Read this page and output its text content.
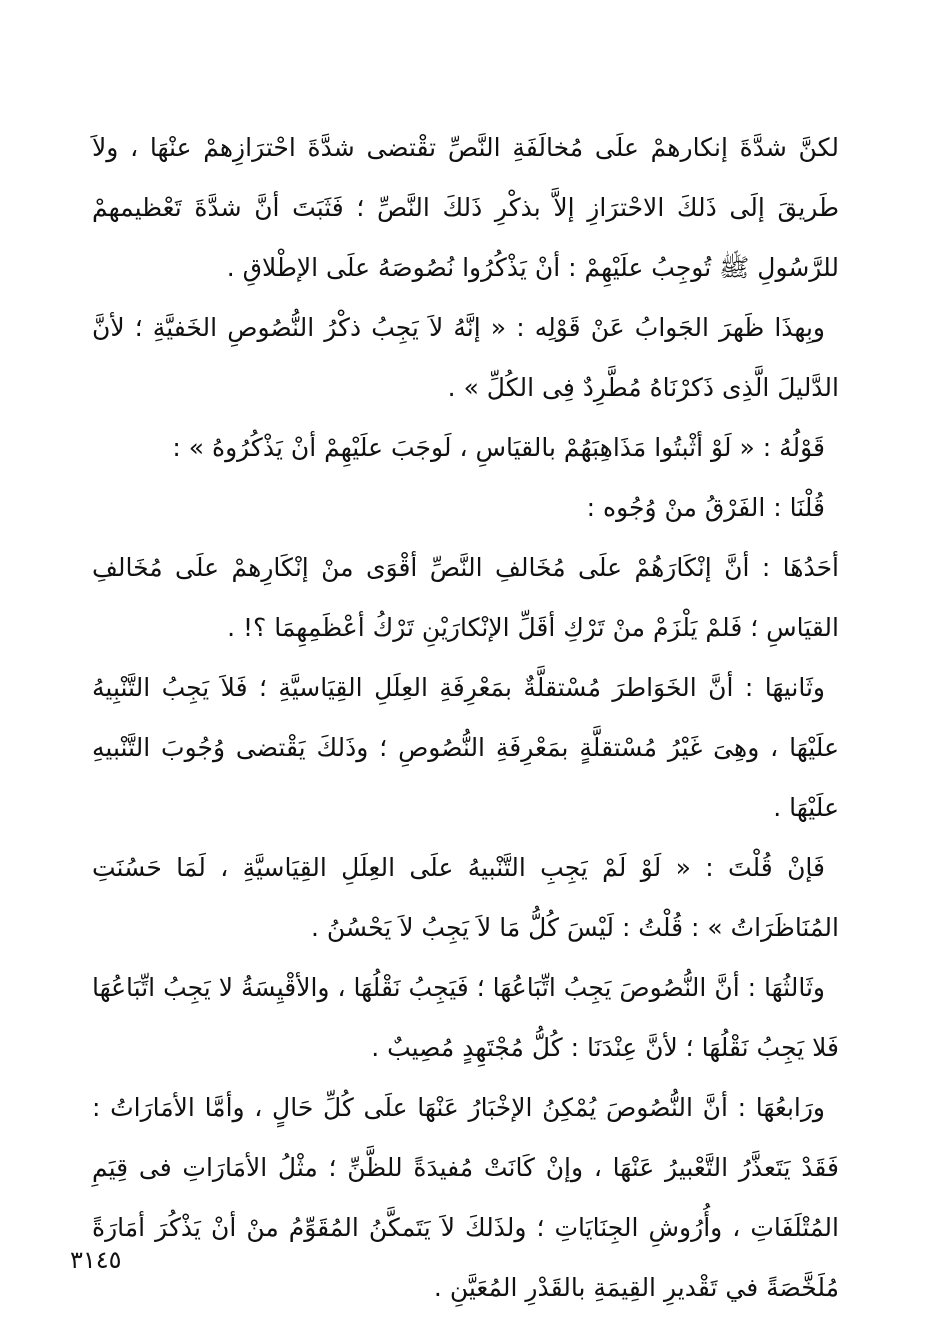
لكنَّ شدَّةَ إنكارهمْ علَى مُخالَفَةِ النَّصِّ تقْتضى شدَّةَ احْترَازِهمْ عنْهَا ، ولاَ طَريقَ إلَى ذَلكَ الاحْترَازِ إلاَّ بذكْرِ ذَلكَ النَّصِّ ؛ فَثَبَتَ أنَّ شدَّةَ تَعْظيمهمْ للرَّسُولِ ﷺ تُوجِبُ علَيْهِمْ : أنْ يَذْكُرُوا نُصُوصَهُ علَى الإطْلاقِ .

وبِهذَا ظَهرَ الجَوابُ عَنْ قَوْلِه : « إنَّهُ لاَ يَجِبُ ذكْرُ النُّصُوصِ الخَفيَّةِ ؛ لأنَّ الدَّليلَ الَّذِى ذَكرْنَاهُ مُطَّرِدٌ فِى الكُلِّ » .

قَوْلُهُ : « لَوْ أثْبتُوا مَذَاهِبَهُمْ بالقيَاسِ ، لَوجَبَ علَيْهِمْ أنْ يَذْكُرُوهُ » :

قُلْنَا : الفَرْقُ منْ وُجُوه :

أحَدُهَا : أنَّ إنْكَارَهُمْ علَى مُخَالفِ النَّصِّ أقْوَى منْ إنْكَارِهمْ علَى مُخَالفِ القيَاسِ ؛ فَلمْ يَلْزَمْ منْ تَرْكِ أقَلِّ الإنْكارَيْنِ تَرْكُ أعْظَمِهِمَا ؟! .

وثَانيهَا : أنَّ الخَوَاطرَ مُسْتقلَّةٌ بمَعْرِفَةِ العِلَلِ القِيَاسيَّةِ ؛ فَلاَ يَجِبُ التَّنْبِيهُ علَيْهَا ، وهِىَ غَيْرُ مُسْتقلَّةٍ بمَعْرِفَةِ النُّصُوصِ ؛ وذَلكَ يَقْتضى وُجُوبَ التَّنْبيهِ علَيْهَا .

فَإنْ قُلْتَ : « لَوْ لَمْ يَجِبِ التَّنْبيهُ علَى العِلَلِ القِيَاسيَّةِ ، لَمَا حَسُنَتِ المُنَاظَرَاتُ » : قُلْتُ : لَيْسَ كُلُّ مَا لاَ يَجِبُ لاَ يَحْسُنُ .

وثَالثُهَا : أنَّ النُّصُوصَ يَجِبُ اتِّبَاعُهَا ؛ فَيَجِبُ نَقْلُهَا ، والأقْيِسَةُ لا يَجِبُ اتِّبَاعُهَا فَلا يَجِبُ نَقْلُهَا ؛ لأنَّ عِنْدَنَا : كُلُّ مُجْتَهِدٍ مُصِيبٌ .

ورَابعُهَا : أنَّ النُّصُوصَ يُمْكِنُ الإخْبَارُ عَنْهَا علَى كُلِّ حَالٍ ، وأمَّا الأمَارَاتُ : فَقَدْ يَتَعذَّرُ التَّعْبيرُ عَنْهَا ، وإنْ كَانَتْ مُفيدَةً للظَّنِّ ؛ مثْلُ الأمَارَاتِ فى قِيَمِ المُتْلَفَاتِ ، وأُرُوشِ الجِنَايَاتِ ؛ ولذَلكَ لاَ يَتَمكَّنُ المُقَوِّمُ منْ أنْ يَذْكُرَ أمَارَةً مُلَخَّصَةً في تَقْديرِ القِيمَةِ بالقَدْرِ المُعَيَّنِ .

٣١٤٥
